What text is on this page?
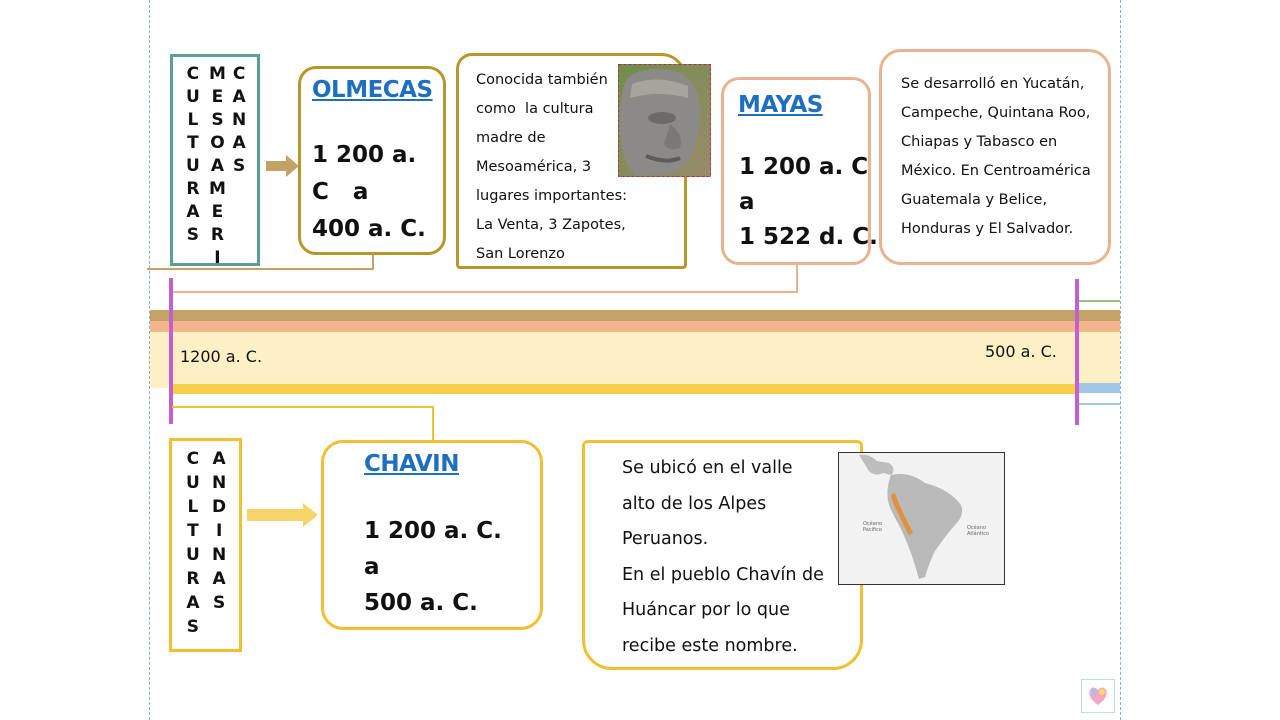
C
U
L
T
U
R
A
S
M
E
S
O
A
M
E
R
I
C
A
N
A
S
OLMECAS
1 200 a.
C   a
400 a. C.
Conocida también
como  la cultura
madre de
Mesoamérica, 3
lugares importantes:
La Venta, 3 Zapotes,
San Lorenzo
MAYAS
1 200 a. C
a
1 522 d. C.
Se desarrolló en Yucatán,
Campeche, Quintana Roo,
Chiapas y Tabasco en
México. En Centroamérica
Guatemala y Belice,
Honduras y El Salvador.
1200 a. C.	500 a. C.
C
U
L
T
U
R
A
S
A
N
D
I
N
A
S
CHAVIN
1 200 a. C.
a
500 a. C.
Se ubicó en el valle
alto de los Alpes
Peruanos.
En el pueblo Chavín de
Huáncar por lo que
recibe este nombre.
Océano Pacífico	Océano Atlántico
